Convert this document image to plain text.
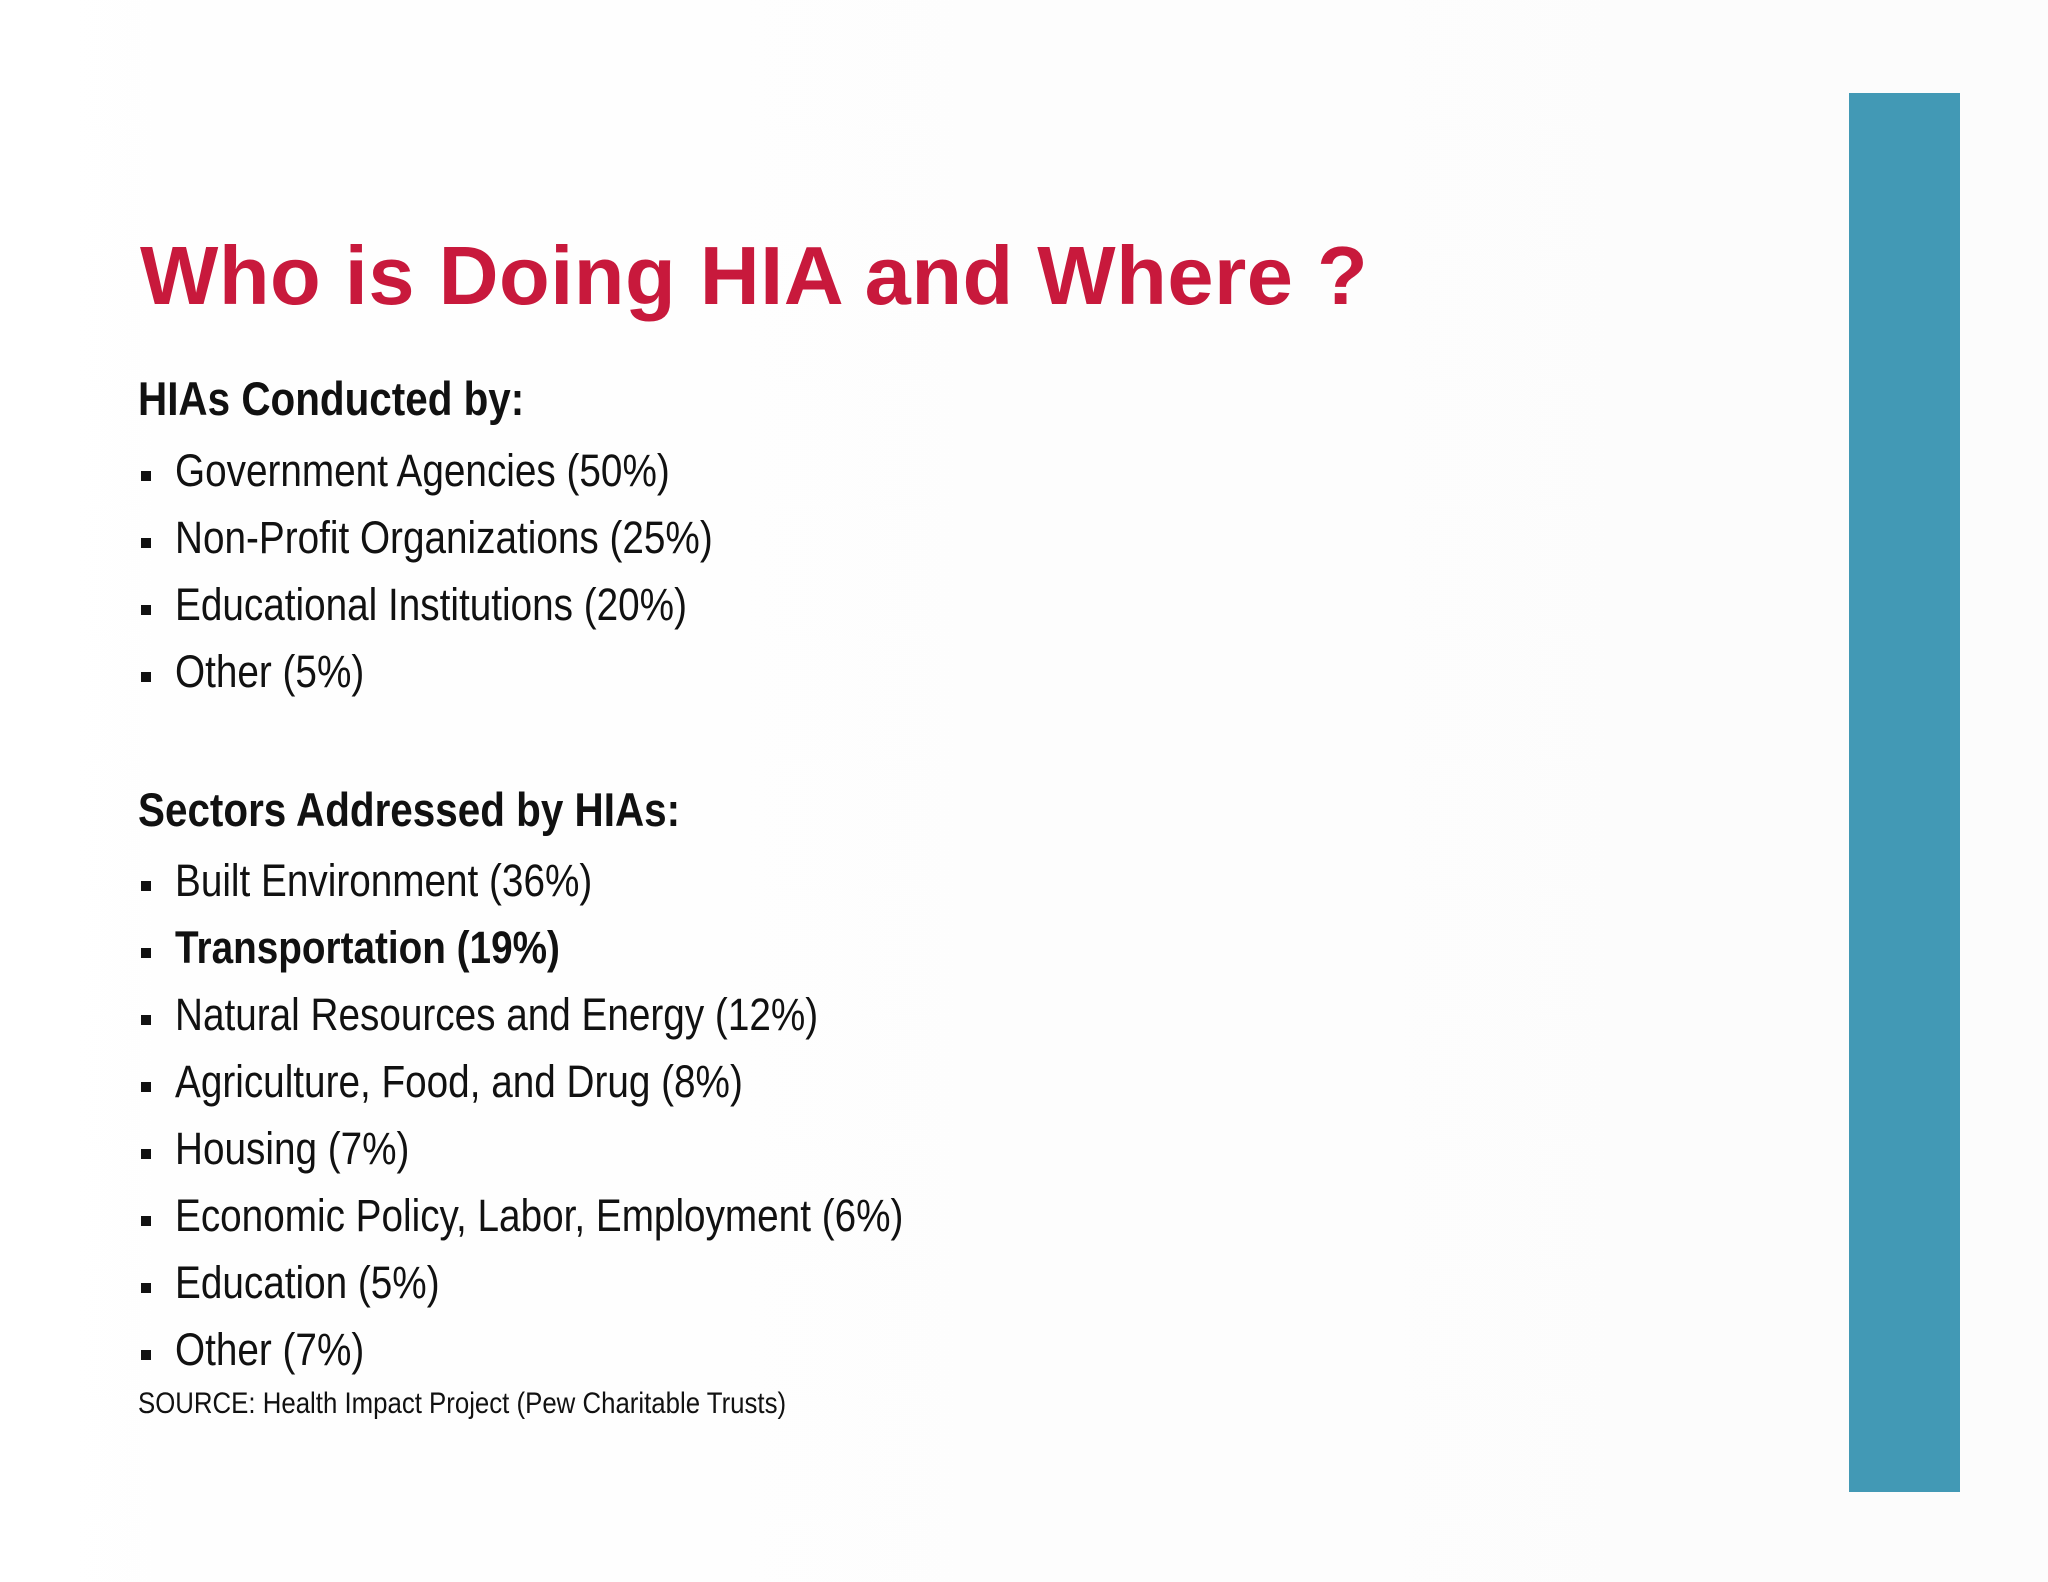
Who is Doing HIA and Where ?
HIAs Conducted by:
Government Agencies (50%)
Non-Profit Organizations (25%)
Educational Institutions (20%)
Other (5%)
Sectors Addressed by HIAs:
Built Environment (36%)
Transportation (19%)
Natural Resources and Energy (12%)
Agriculture, Food, and Drug (8%)
Housing (7%)
Economic Policy, Labor, Employment (6%)
Education (5%)
Other (7%)

SOURCE: Health Impact Project (Pew Charitable Trusts)
